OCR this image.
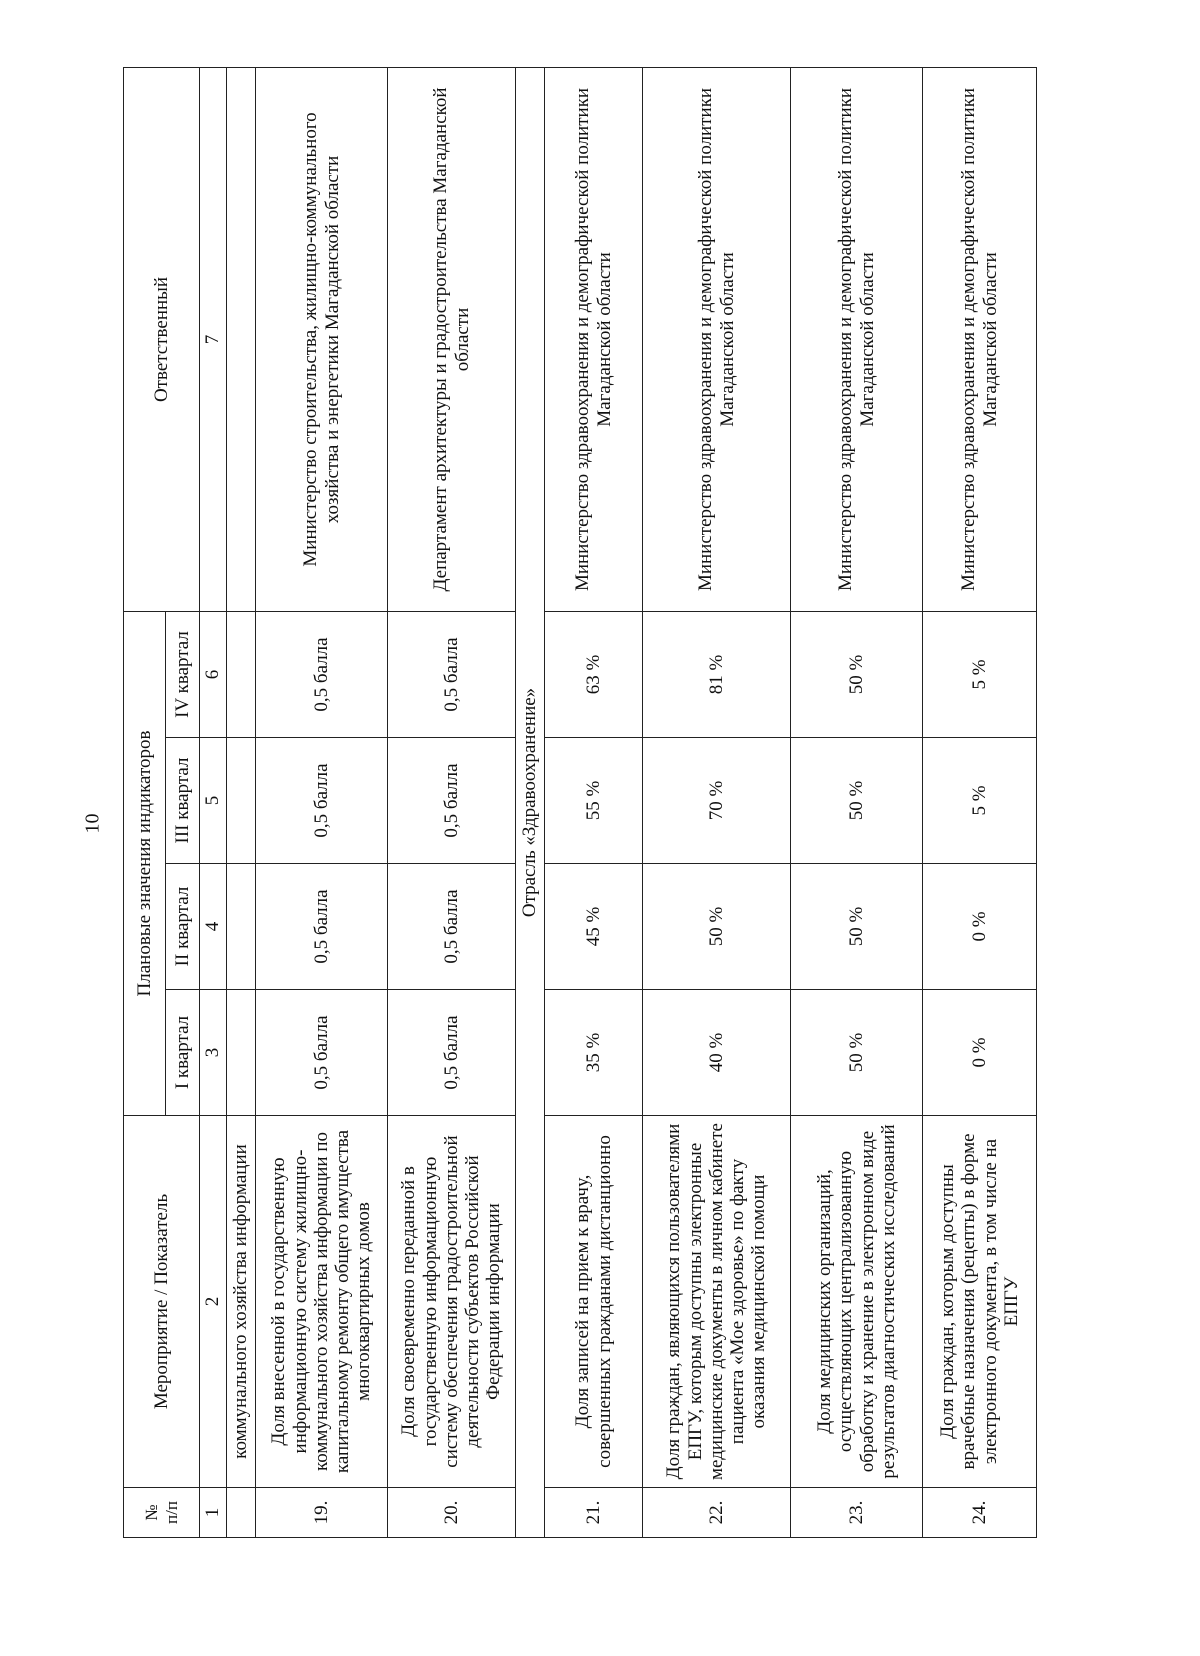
10
№
п/п	Мероприятие / Показатель	Плановые значения индикаторов				Ответственный
		I квартал	II квартал	III квартал	IV квартал	
1	2	3	4	5	6	7
	коммунального хозяйства информации					
19.	Доля внесенной в государственную информационную систему жилищно-коммунального хозяйства информации по капитальному ремонту общего имущества многоквартирных домов	0,5 балла	0,5 балла	0,5 балла	0,5 балла	Министерство строительства, жилищно-коммунального хозяйства и энергетики Магаданской области
20.	Доля своевременно переданной в государственную информационную систему обеспечения градостроительной деятельности субъектов Российской Федерации информации	0,5 балла	0,5 балла	0,5 балла	0,5 балла	Департамент архитектуры и градостроительства Магаданской области
Отрасль «Здравоохранение»						
21.	Доля записей на прием к врачу, совершенных гражданами дистанционно	35 %	45 %	55 %	63 %	Министерство здравоохранения и демографической политики Магаданской области
22.	Доля граждан, являющихся пользователями ЕПГУ, которым доступны электронные медицинские документы в личном кабинете пациента «Мое здоровье» по факту оказания медицинской помощи	40 %	50 %	70 %	81 %	Министерство здравоохранения и демографической политики Магаданской области
23.	Доля медицинских организаций, осуществляющих централизованную обработку и хранение в электронном виде результатов диагностических исследований	50 %	50 %	50 %	50 %	Министерство здравоохранения и демографической политики Магаданской области
24.	Доля граждан, которым доступны врачебные назначения (рецепты) в форме электронного документа, в том числе на ЕПГУ	0 %	0 %	5 %	5 %	Министерство здравоохранения и демографической политики Магаданской области
